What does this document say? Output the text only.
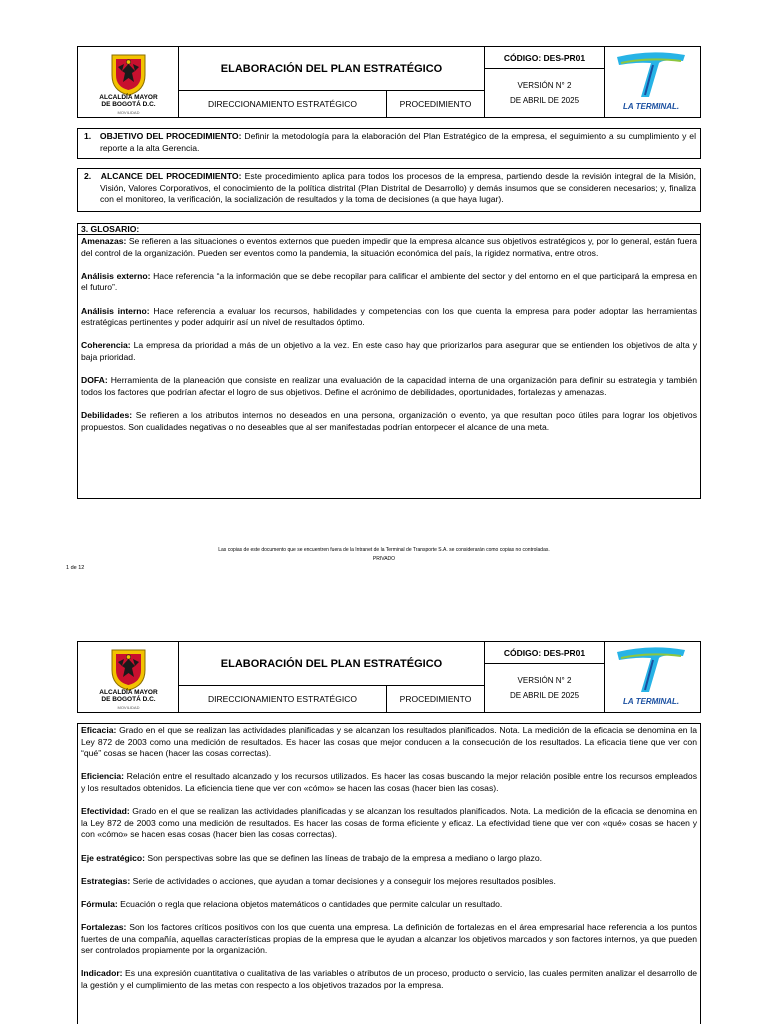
ALCALDÍA MAYOR
DE BOGOTÁ D.C.
MOVILIDAD
ELABORACIÓN DEL PLAN ESTRATÉGICO
DIRECCIONAMIENTO ESTRATÉGICO	PROCEDIMIENTO
CÓDIGO: DES-PR01
VERSIÓN N° 2
DE ABRIL DE 2025
LA TERMINAL.

1. OBJETIVO DEL PROCEDIMIENTO: Definir la metodología para la elaboración del Plan Estratégico de la empresa, el seguimiento a su cumplimiento y el reporte a la alta Gerencia.

2. ALCANCE DEL PROCEDIMIENTO: Este procedimiento aplica para todos los procesos de la empresa, partiendo desde la revisión integral de la Misión, Visión, Valores Corporativos, el conocimiento de la política distrital (Plan Distrital de Desarrollo) y demás insumos que se consideren necesarios; y, finaliza con el monitoreo, la verificación, la socialización de resultados y la toma de decisiones (a que haya lugar).

3. GLOSARIO:

Amenazas: Se refieren a las situaciones o eventos externos que pueden impedir que la empresa alcance sus objetivos estratégicos y, por lo general, están fuera del control de la organización. Pueden ser eventos como la pandemia, la situación económica del país, la rigidez normativa, entre otros.

Análisis externo: Hace referencia “a la información que se debe recopilar para calificar el ambiente del sector y del entorno en el que participará la empresa en el futuro”.

Análisis interno: Hace referencia a evaluar los recursos, habilidades y competencias con los que cuenta la empresa para poder adoptar las herramientas estratégicas pertinentes y poder adquirir así un nivel de resultados óptimo.

Coherencia: La empresa da prioridad a más de un objetivo a la vez. En este caso hay que priorizarlos para asegurar que se entienden los objetivos de alta y baja prioridad.

DOFA: Herramienta de la planeación que consiste en realizar una evaluación de la capacidad interna de una organización para definir su estrategia y también todos los factores que podrían afectar el logro de sus objetivos. Define el acrónimo de debilidades, oportunidades, fortalezas y amenazas.

Debilidades: Se refieren a los atributos internos no deseados en una persona, organización o evento, ya que resultan poco útiles para lograr los objetivos propuestos. Son cualidades negativas o no deseables que al ser manifestadas podrían entorpecer el alcance de una meta.

Las copias de este documento que se encuentren fuera de la Intranet de la Terminal de Transporte S.A. se considerarán como copias no controladas.
PRIVADO
1 de 12
ALCALDÍA MAYOR
DE BOGOTÁ D.C.
MOVILIDAD
ELABORACIÓN DEL PLAN ESTRATÉGICO
DIRECCIONAMIENTO ESTRATÉGICO	PROCEDIMIENTO
CÓDIGO: DES-PR01
VERSIÓN N° 2
DE ABRIL DE 2025
LA TERMINAL.

Eficacia: Grado en el que se realizan las actividades planificadas y se alcanzan los resultados planificados. Nota. La medición de la eficacia se denomina en la Ley 872 de 2003 como una medición de resultados. Es hacer las cosas que mejor conducen a la consecución de los resultados. La eficacia tiene que ver con “qué” cosas se hacen (hacer las cosas correctas).

Eficiencia: Relación entre el resultado alcanzado y los recursos utilizados. Es hacer las cosas buscando la mejor relación posible entre los recursos empleados y los resultados obtenidos. La eficiencia tiene que ver con «cómo» se hacen las cosas (hacer bien las cosas).

Efectividad: Grado en el que se realizan las actividades planificadas y se alcanzan los resultados planificados. Nota. La medición de la eficacia se denomina en la Ley 872 de 2003 como una medición de resultados. Es hacer las cosas de forma eficiente y eficaz. La efectividad tiene que ver con «qué» cosas se hacen y con «cómo» se hacen esas cosas (hacer bien las cosas correctas).

Eje estratégico: Son perspectivas sobre las que se definen las líneas de trabajo de la empresa a mediano o largo plazo.

Estrategias: Serie de actividades o acciones, que ayudan a tomar decisiones y a conseguir los mejores resultados posibles.

Fórmula: Ecuación o regla que relaciona objetos matemáticos o cantidades que permite calcular un resultado.

Fortalezas: Son los factores críticos positivos con los que cuenta una empresa. La definición de fortalezas en el área empresarial hace referencia a los puntos fuertes de una compañía, aquellas características propias de la empresa que le ayudan a alcanzar los objetivos marcados y son factores internos, ya que pueden ser controlados propiamente por la organización.

Indicador: Es una expresión cuantitativa o cualitativa de las variables o atributos de un proceso, producto o servicio, las cuales permiten analizar el desarrollo de la gestión y el cumplimiento de las metas con respecto a los objetivos trazados por la empresa.
